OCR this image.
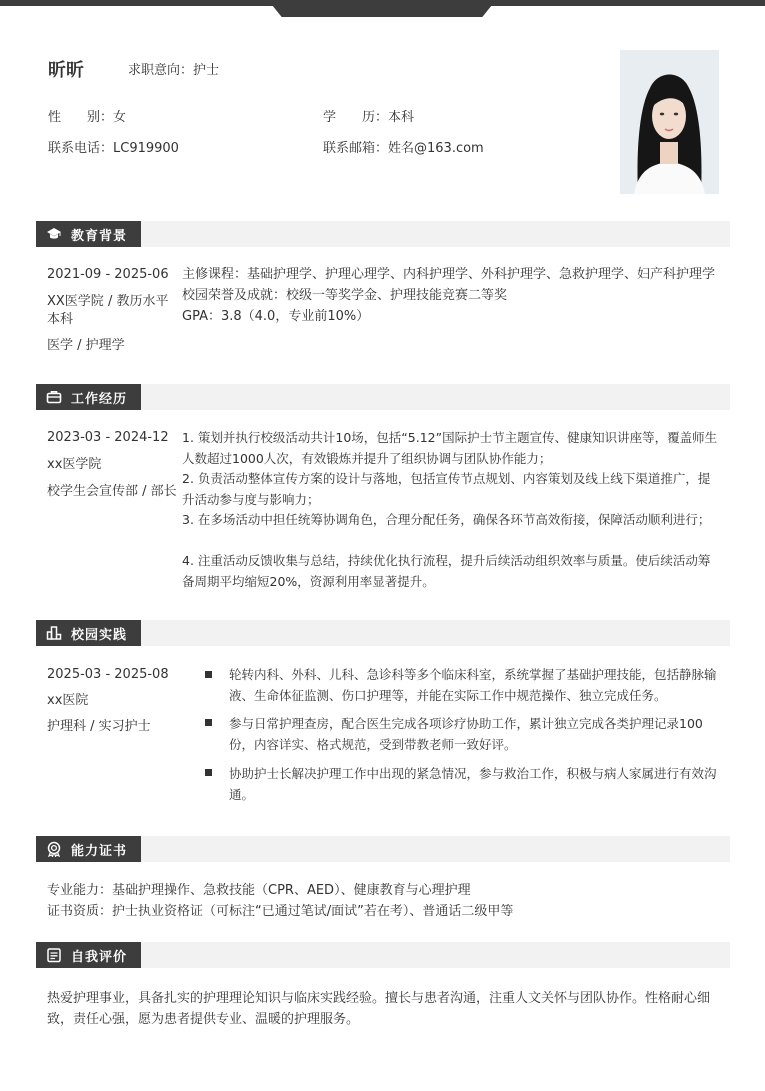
昕昕	求职意向：护士
性　　别：女	学　　历：本科
联系电话：LC919900	联系邮箱：姓名@163.com
教育背景
2021-09 - 2025-06
XX医学院 / 教历水平
本科
医学 / 护理学
主修课程：基础护理学、护理心理学、内科护理学、外科护理学、急救护理学、妇产科护理学
校园荣誉及成就：校级一等奖学金、护理技能竞赛二等奖
GPA：3.8（4.0，专业前10%）
工作经历
2023-03 - 2024-12
xx医学院
校学生会宣传部 / 部长
1. 策划并执行校级活动共计10场，包括“5.12”国际护士节主题宣传、健康知识讲座等，覆盖师生人数超过1000人次，有效锻炼并提升了组织协调与团队协作能力；
2. 负责活动整体宣传方案的设计与落地，包括宣传节点规划、内容策划及线上线下渠道推广，提升活动参与度与影响力；
3. 在多场活动中担任统筹协调角色，合理分配任务，确保各环节高效衔接，保障活动顺利进行；
4. 注重活动反馈收集与总结，持续优化执行流程，提升后续活动组织效率与质量。使后续活动筹备周期平均缩短20%，资源利用率显著提升。
校园实践
2025-03 - 2025-08
xx医院
护理科 / 实习护士
轮转内科、外科、儿科、急诊科等多个临床科室，系统掌握了基础护理技能，包括静脉输液、生命体征监测、伤口护理等，并能在实际工作中规范操作、独立完成任务。
参与日常护理查房，配合医生完成各项诊疗协助工作，累计独立完成各类护理记录100份，内容详实、格式规范，受到带教老师一致好评。
协助护士长解决护理工作中出现的紧急情况，参与救治工作，积极与病人家属进行有效沟通。
能力证书
专业能力：基础护理操作、急救技能（CPR、AED）、健康教育与心理护理
证书资质：护士执业资格证（可标注“已通过笔试/面试”若在考）、普通话二级甲等
自我评价
热爱护理事业，具备扎实的护理理论知识与临床实践经验。擅长与患者沟通，注重人文关怀与团队协作。性格耐心细致，责任心强，愿为患者提供专业、温暖的护理服务。
